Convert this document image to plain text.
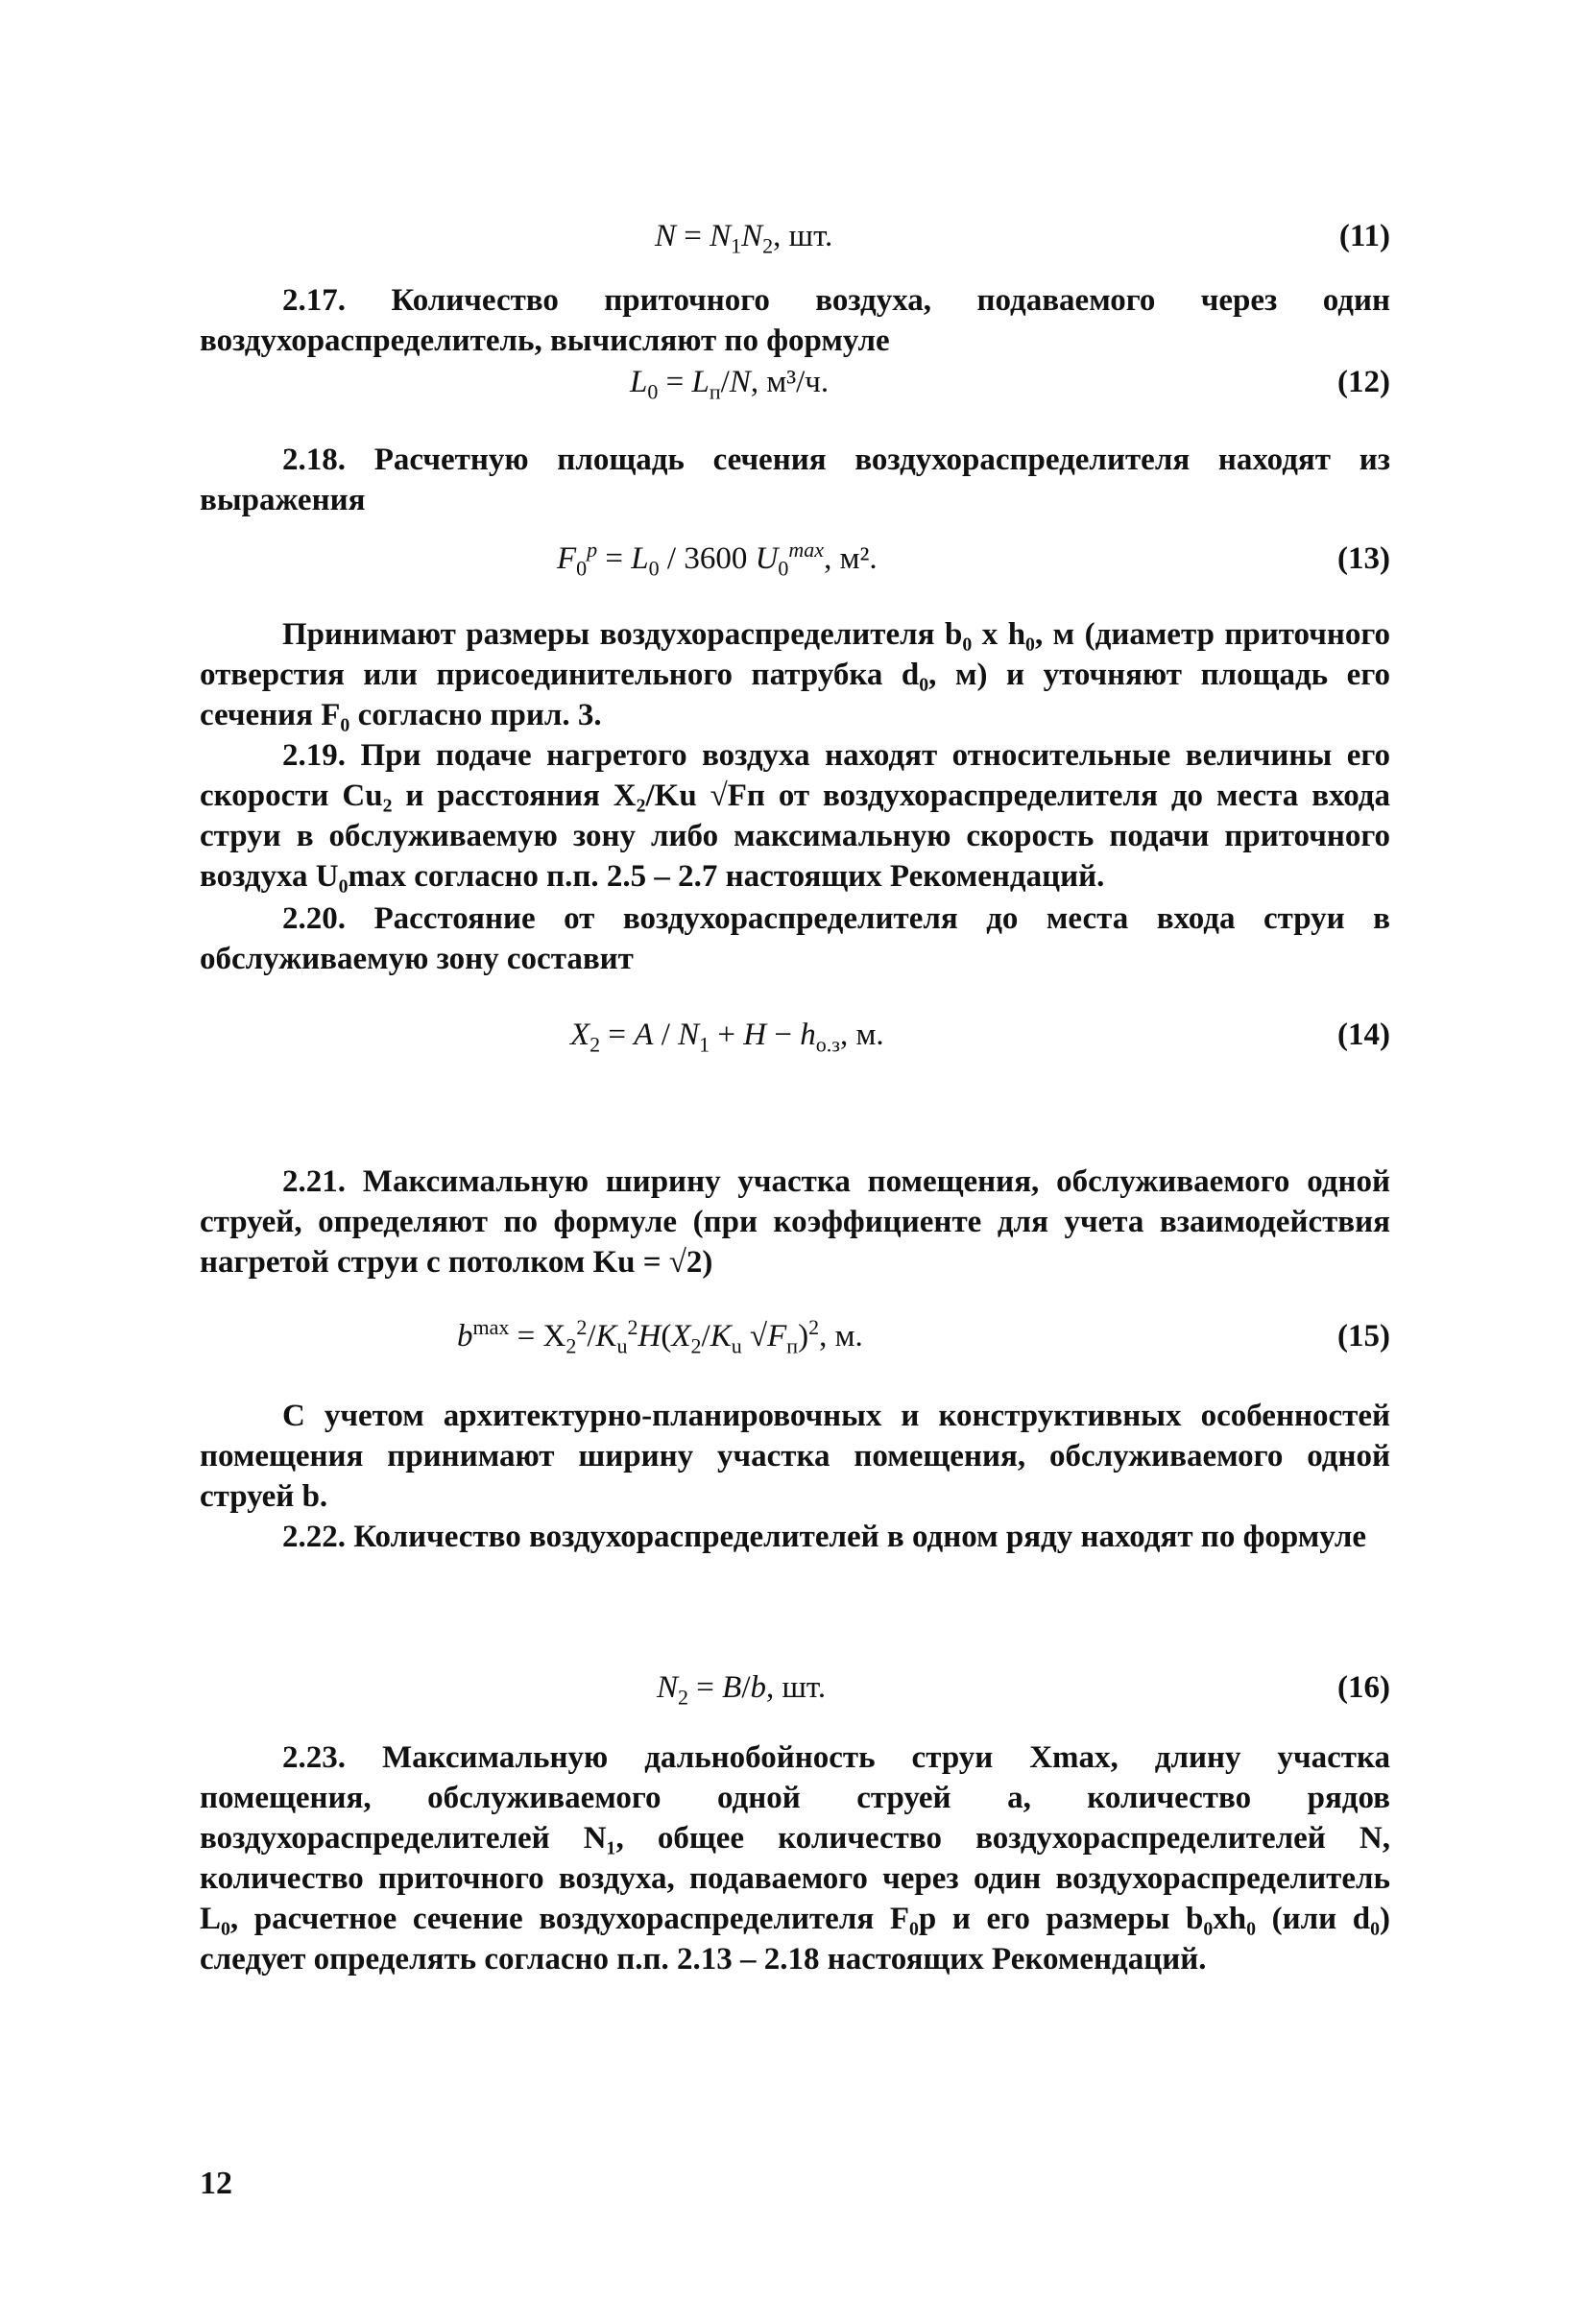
$N = N_1N_2$, шт.	(11)
2.17. Количество приточного воздуха, подаваемого через один воздухораспределитель, вычисляют по формуле
$L_0 = L_п/N$, м³/ч.	(12)
2.18. Расчетную площадь сечения воздухораспределителя находят из выражения
$F_0^p = L_0 / 3600$ $U_0^{max}$, м².	(13)
Принимают размеры воздухораспределителя b₀ x h₀, м (диаметр приточного отверстия или присоединительного патрубка d₀, м) и уточняют площадь его сечения F₀ согласно прил. 3.
2.19. При подаче нагретого воздуха находят относительные величины его скорости Cu₂ и расстояния X₂/Ku √Fп от воздухораспределителя до места входа струи в обслуживаемую зону либо максимальную скорость подачи приточного воздуха U₀max согласно п.п. 2.5 – 2.7 настоящих Рекомендаций.
2.20. Расстояние от воздухораспределителя до места входа струи в обслуживаемую зону составит
$X_2 = A / N_1 + H - h_{о.з}$, м.	(14)
2.21. Максимальную ширину участка помещения, обслуживаемого одной струей, определяют по формуле (при коэффициенте для учета взаимодействия нагретой струи с потолком Ku = √2)
$b^{max} = X_2^2/K_u^2H(X_2/K_u$ $√F_п)^2$, м.	(15)
С учетом архитектурно-планировочных и конструктивных особенностей помещения принимают ширину участка помещения, обслуживаемого одной струей b.
2.22. Количество воздухораспределителей в одном ряду находят по формуле
$N_2 = B/b$, шт.	(16)
2.23. Максимальную дальнобойность струи Xmax, длину участка помещения, обслуживаемого одной струей a, количество рядов воздухораспределителей N₁, общее количество воздухораспределителей N, количество приточного воздуха, подаваемого через один воздухораспределитель L₀, расчетное сечение воздухораспределителя F₀р и его размеры b₀xh₀ (или d₀) следует определять согласно п.п. 2.13 – 2.18 настоящих Рекомендаций.
12
